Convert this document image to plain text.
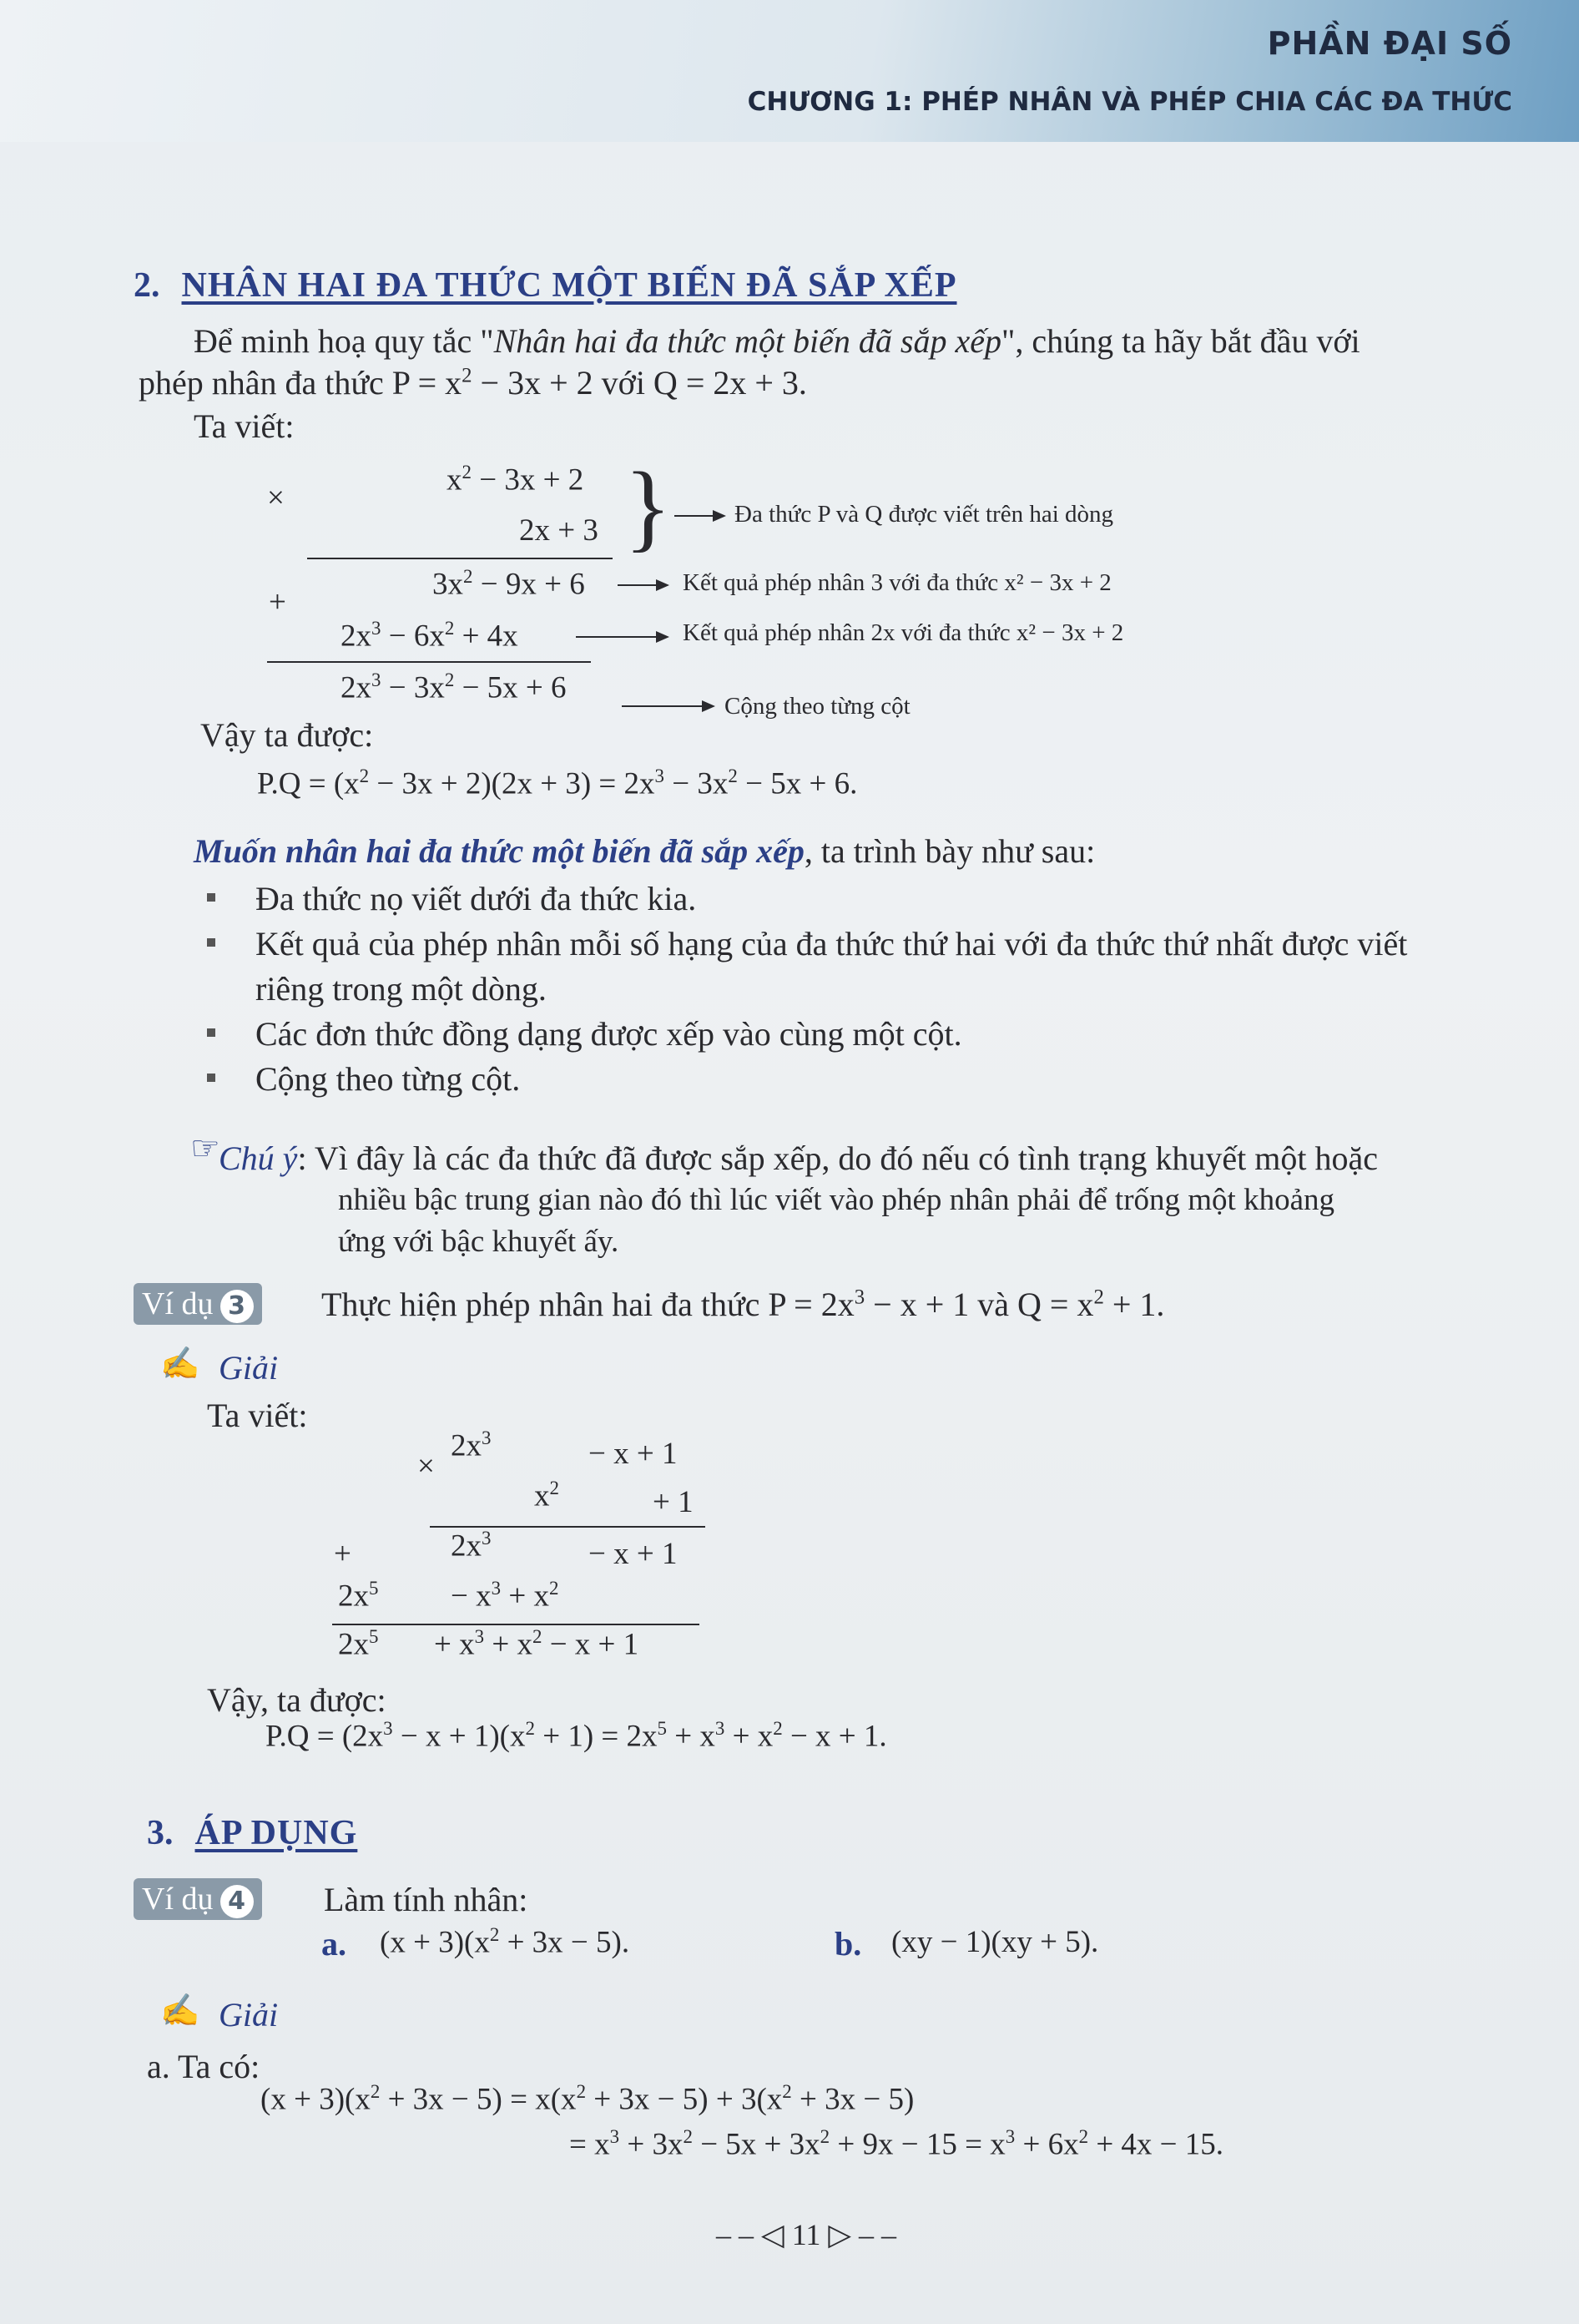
PHẦN ĐẠI SỐ
CHƯƠNG 1: PHÉP NHÂN VÀ PHÉP CHIA CÁC ĐA THỨC
2. NHÂN HAI ĐA THỨC MỘT BIẾN ĐÃ SẮP XẾP
Để minh hoạ quy tắc "Nhân hai đa thức một biến đã sắp xếp", chúng ta hãy bắt đầu với
phép nhân đa thức $P = x^2 - 3x + 2$ với Q = 2x + 3.
Ta viết:
×
$x^2 - 3x + 2$
2x + 3 }	Đa thức P và Q được viết trên hai dòng
+
$3x^2 - 9x + 6$	Kết quả phép nhân 3 với đa thức x² − 3x + 2
$2x^3 - 6x^2 + 4x$	Kết quả phép nhân 2x với đa thức x² − 3x + 2
$2x^3 - 3x^2 - 5x + 6$
Cộng theo từng cột
Vậy ta được:
$P.Q = (x^2 - 3x + 2)(2x + 3) = 2x^3 - 3x^2 - 5x + 6$.
Muốn nhân hai đa thức một biến đã sắp xếp, ta trình bày như sau:
Đa thức nọ viết dưới đa thức kia.
Kết quả của phép nhân mỗi số hạng của đa thức thứ hai với đa thức thứ nhất được viết
riêng trong một dòng.
Các đơn thức đồng dạng được xếp vào cùng một cột.
Cộng theo từng cột.
☞
Chú ý: Vì đây là các đa thức đã được sắp xếp, do đó nếu có tình trạng khuyết một hoặc
nhiều bậc trung gian nào đó thì lúc viết vào phép nhân phải để trống một khoảng
ứng với bậc khuyết ấy.
Ví dụ 3	Thực hiện phép nhân hai đa thức $P = 2x^3 - x + 1$ và $Q = x^2 + 1$.
✍ Giải
Ta viết:
×
$2x^3$	− x + 1
$x^2$	+ 1
+	$2x^3$	− x + 1
$2x^5 - x^3 + x^2$
$2x^5 + x^3 + x^2 - x + 1$
Vậy, ta được:
$P.Q = (2x^3 - x + 1)(x^2 + 1) = 2x^5 + x^3 + x^2 - x + 1$.
3. ÁP DỤNG
Ví dụ 4	Làm tính nhân:
a. $(x + 3)(x^2 + 3x - 5)$.	b. (xy − 1)(xy + 5).
✍ Giải
a. Ta có:
$(x + 3)(x^2 + 3x - 5) = x(x^2 + 3x - 5) + 3(x^2 + 3x - 5)$
= $x^3 + 3x^2 - 5x + 3x^2 + 9x - 15 = x^3 + 6x^2 + 4x - 15$.
– – ◁ 11 ▷ – –
